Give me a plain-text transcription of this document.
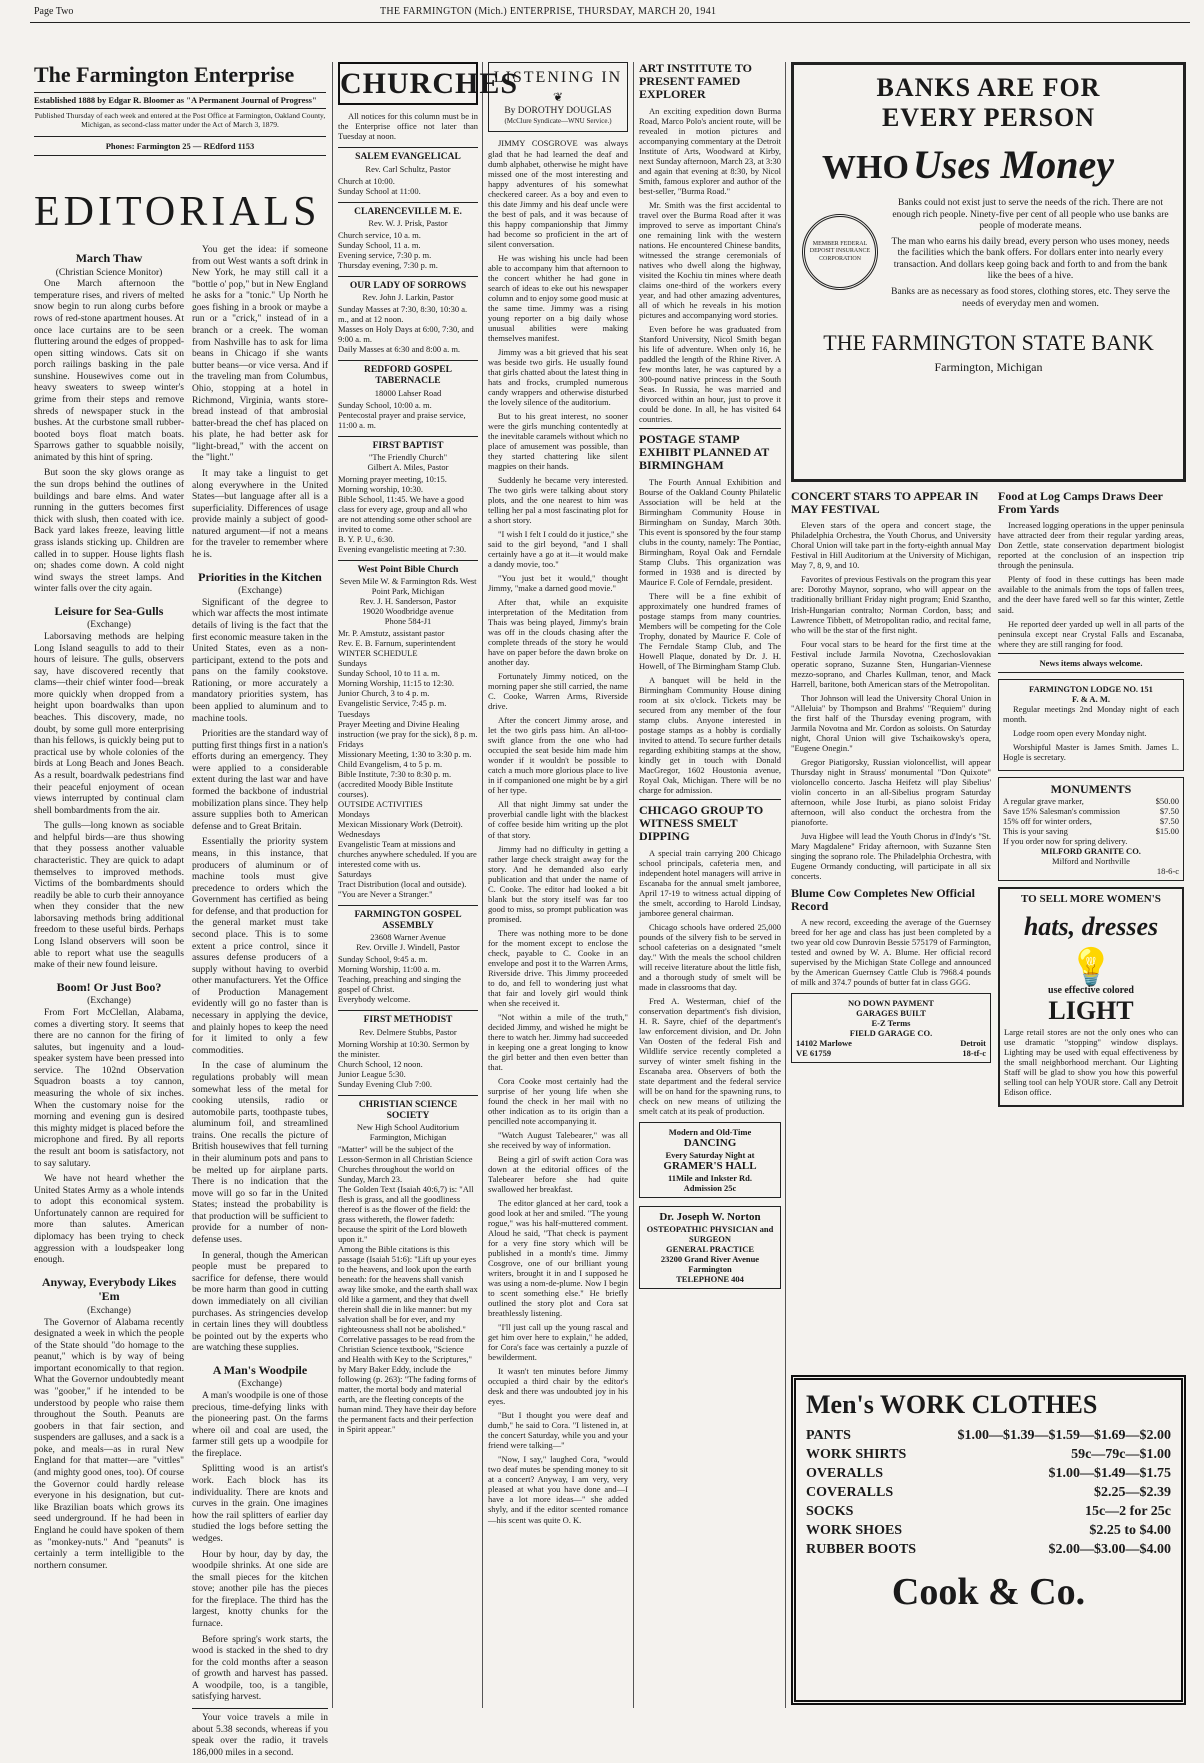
Page Two	THE FARMINGTON (Mich.) ENTERPRISE, THURSDAY, MARCH 20, 1941
The Farmington Enterprise
Established 1888 by Edgar R. Bloomer as "A Permanent Journal of Progress"
Published Thursday of each week and entered at the Post Office at Farmington, Oakland County, Michigan, as second-class matter under the Act of March 3, 1879.
Phones: Farmington 25 — REdford 1153
EDITORIALS
March Thaw
(Christian Science Monitor)

One March afternoon the temperature rises, and rivers of melted snow begin to run along curbs before rows of red-stone apartment houses. At once lace curtains are to be seen fluttering around the edges of propped-open sitting windows. Cats sit on porch railings basking in the pale sunshine. Housewives come out in heavy sweaters to sweep winter's grime from their steps and remove shreds of newspaper stuck in the bushes. At the curbstone small rubber-booted boys float match boats. Sparrows gather to squabble noisily, animated by this hint of spring.

But soon the sky glows orange as the sun drops behind the outlines of buildings and bare elms. And water running in the gutters becomes first thick with slush, then coated with ice. Back yard lakes freeze, leaving little grass islands sticking up. Children are called in to supper. House lights flash on; shades come down. A cold night wind sways the street lamps. And winter falls over the city again.

Leisure for Sea-Gulls
(Exchange)

Laborsaving methods are helping Long Island seagulls to add to their hours of leisure. The gulls, observers say, have discovered recently that clams—their chief winter food—break more quickly when dropped from a height upon boardwalks than upon beaches. This discovery, made, no doubt, by some gull more enterprising than his fellows, is quickly being put to practical use by whole colonies of the birds at Long Beach and Jones Beach. As a result, boardwalk pedestrians find their peaceful enjoyment of ocean views interrupted by continual clam shell bombardments from the air.

The gulls—long known as sociable and helpful birds—are thus showing that they possess another valuable characteristic. They are quick to adapt themselves to improved methods. Victims of the bombardments should readily be able to curb their annoyance when they consider that the new laborsaving methods bring additional freedom to these useful birds. Perhaps Long Island observers will soon be able to report what use the seagulls make of their new found leisure.

Boom! Or Just Boo?
(Exchange)

From Fort McClellan, Alabama, comes a diverting story. It seems that there are no cannon for the firing of salutes, but ingenuity and a loud-speaker system have been pressed into service. The 102nd Observation Squadron boasts a toy cannon, measuring the whole of six inches. When the customary noise for the morning and evening gun is desired this mighty midget is placed before the microphone and fired. By all reports the result ant boom is satisfactory, not to say salutary.

We have not heard whether the United States Army as a whole intends to adopt this economical system. Unfortunately cannon are required for more than salutes. American diplomacy has been trying to check aggression with a loudspeaker long enough.

Anyway, Everybody Likes 'Em
(Exchange)

The Governor of Alabama recently designated a week in which the people of the State should "do homage to the peanut," which is by way of being important economically to that region. What the Governor undoubtedly meant was "goober," if he intended to be understood by people who raise them throughout the South. Peanuts are goobers in that fair section, and suspenders are galluses, and a sack is a poke, and meals—as in rural New England for that matter—are "vittles" (and mighty good ones, too). Of course the Governor could hardly release everyone in his designation, but cut-like Brazilian boats which grows its seed underground. If he had been in England he could have spoken of them as "monkey-nuts." And "peanuts" is certainly a term intelligible to the northern consumer.

You get the idea: if someone from out West wants a soft drink in New York, he may still call it a "bottle o' pop," but in New England he asks for a "tonic." Up North he goes fishing in a brook or maybe a run or a "crick," instead of in a branch or a creek. The woman from Nashville has to ask for lima beans in Chicago if she wants butter beans—or vice versa. And if the traveling man from Columbus, Ohio, stopping at a hotel in Richmond, Virginia, wants store-bread instead of that ambrosial batter-bread the chef has placed on his plate, he had better ask for "light-bread," with the accent on the "light."

It may take a linguist to get along everywhere in the United States—but language after all is a superficiality. Differences of usage provide mainly a subject of good-natured argument—if not a means for the traveler to remember where he is.

Priorities in the Kitchen
(Exchange)

Significant of the degree to which war affects the most intimate details of living is the fact that the first economic measure taken in the United States, even as a non-participant, extend to the pots and pans on the family cookstove. Rationing, or more accurately a mandatory priorities system, has been applied to aluminum and to machine tools.

Priorities are the standard way of putting first things first in a nation's efforts during an emergency. They were applied to a considerable extent during the last war and have formed the backbone of industrial mobilization plans since. They help assure supplies both to American defense and to Great Britain.

Essentially the priority system means, in this instance, that producers of aluminum or of machine tools must give precedence to orders which the Government has certified as being for defense, and that production for the general market must take second place. This is to some extent a price control, since it assures defense producers of a supply without having to overbid other manufacturers. Yet the Office of Production Management evidently will go no faster than is necessary in applying the device, and plainly hopes to keep the need for it limited to only a few commodities.

In the case of aluminum the regulations probably will mean somewhat less of the metal for cooking utensils, radio or automobile parts, toothpaste tubes, aluminum foil, and streamlined trains. One recalls the picture of British housewives that fell turning in their aluminum pots and pans to be melted up for airplane parts. There is no indication that the move will go so far in the United States; instead the probability is that production will be sufficient to provide for a number of non-defense uses.

In general, though the American people must be prepared to sacrifice for defense, there would be more harm than good in cutting down immediately on all civilian purchases. As stringencies develop in certain lines they will doubtless be pointed out by the experts who are watching these supplies.

A Man's Woodpile
(Exchange)

A man's woodpile is one of those precious, time-defying links with the pioneering past. On the farms where oil and coal are used, the farmer still gets up a woodpile for the fireplace.

Splitting wood is an artist's work. Each block has its individuality. There are knots and curves in the grain. One imagines how the rail splitters of earlier day studied the logs before setting the wedges.

Hour by hour, day by day, the woodpile shrinks. At one side are the small pieces for the kitchen stove; another pile has the pieces for the fireplace. The third has the largest, knotty chunks for the furnace.

Before spring's work starts, the wood is stacked in the shed to dry for the cold months after a season of growth and harvest has passed. A woodpile, too, is a tangible, satisfying harvest.

Your voice travels a mile in about 5.38 seconds, whereas if you speak over the radio, it travels 186,000 miles in a second.

CHURCHES

All notices for this column must be in the Enterprise office not later than Tuesday at noon.

SALEM EVANGELICAL
Rev. Carl Schultz, Pastor
Church at 10:00.
Sunday School at 11:00.
CLARENCEVILLE M. E.
Rev. W. J. Prisk, Pastor
Church service, 10 a. m.
Sunday School, 11 a. m.
Evening service, 7:30 p. m.
Thursday evening, 7:30 p. m.
OUR LADY OF SORROWS
Rev. John J. Larkin, Pastor
Sunday Masses at 7:30, 8:30, 10:30 a. m., and at 12 noon.
Masses on Holy Days at 6:00, 7:30, and 9:00 a. m.
Daily Masses at 6:30 and 8:00 a. m.
REDFORD GOSPEL TABERNACLE
18000 Lahser Road
Sunday School, 10:00 a. m.
Pentecostal prayer and praise service, 11:00 a. m.
FIRST BAPTIST
"The Friendly Church"
Gilbert A. Miles, Pastor
Morning prayer meeting, 10:15.
Morning worship, 10:30.
Bible School, 11:45. We have a good class for every age, group and all who are not attending some other school are invited to come.
B. Y. P. U., 6:30.
Evening evangelistic meeting at 7:30.
West Point Bible Church
Seven Mile W. & Farmington Rds. West Point Park, Michigan
Rev. J. H. Sanderson, Pastor
19020 Woodbridge avenue
Phone 584-J1
Mr. P. Amstutz, assistant pastor
Rev. E. B. Farnum, superintendent
WINTER SCHEDULE
Sundays
Sunday School, 10 to 11 a. m.
Morning Worship, 11:15 to 12:30.
Junior Church, 3 to 4 p. m.
Evangelistic Service, 7:45 p. m.
Tuesdays
Prayer Meeting and Divine Healing instruction (we pray for the sick), 8 p. m.
Fridays
Missionary Meeting, 1:30 to 3:30 p. m.
Child Evangelism, 4 to 5 p. m.
Bible Institute, 7:30 to 8:30 p. m. (accredited Moody Bible Institute courses).
OUTSIDE ACTIVITIES
Mondays
Mexican Missionary Work (Detroit).
Wednesdays
Evangelistic Team at missions and churches anywhere scheduled. If you are interested come with us.
Saturdays
Tract Distribution (local and outside).
"You are Never a Stranger."
FARMINGTON GOSPEL ASSEMBLY
23608 Warner Avenue
Rev. Orville J. Windell, Pastor
Sunday School, 9:45 a. m.
Morning Worship, 11:00 a. m.
Teaching, preaching and singing the gospel of Christ.
Everybody welcome.
FIRST METHODIST
Rev. Delmere Stubbs, Pastor
Morning Worship at 10:30. Sermon by the minister.
Church School, 12 noon.
Junior League 5:30.
Sunday Evening Club 7:00.
CHRISTIAN SCIENCE SOCIETY
New High School Auditorium
Farmington, Michigan
"Matter" will be the subject of the Lesson-Sermon in all Christian Science Churches throughout the world on Sunday, March 23.
The Golden Text (Isaiah 40:6,7) is: "All flesh is grass, and all the goodliness thereof is as the flower of the field: the grass withereth, the flower fadeth: because the spirit of the Lord bloweth upon it."
Among the Bible citations is this passage (Isaiah 51:6): "Lift up your eyes to the heavens, and look upon the earth beneath: for the heavens shall vanish away like smoke, and the earth shall wax old like a garment, and they that dwell therein shall die in like manner: but my salvation shall be for ever, and my righteousness shall not be abolished."
Correlative passages to be read from the Christian Science textbook, "Science and Health with Key to the Scriptures," by Mary Baker Eddy, include the following (p. 263): "The fading forms of matter, the mortal body and material earth, are the fleeting concepts of the human mind. They have their day before the permanent facts and their perfection in Spirit appear."
LISTENING IN
❦
By DOROTHY DOUGLAS
(McClure Syndicate—WNU Service.)

JIMMY COSGROVE was always glad that he had learned the deaf and dumb alphabet, otherwise he might have missed one of the most interesting and happy adventures of his somewhat checkered career. As a boy and even to this date Jimmy and his deaf uncle were the best of pals, and it was because of this happy companionship that Jimmy had become so proficient in the art of silent conversation.

He was wishing his uncle had been able to accompany him that afternoon to the concert whither he had gone in search of ideas to eke out his newspaper column and to enjoy some good music at the same time. Jimmy was a rising young reporter on a big daily whose unusual abilities were making themselves manifest.

Jimmy was a bit grieved that his seat was beside two girls. He usually found that girls chatted about the latest thing in hats and frocks, crumpled numerous candy wrappers and otherwise disturbed the lovely silence of the auditorium.

But to his great interest, no sooner were the girls munching contentedly at the inevitable caramels without which no place of amusement was possible, than they started chattering like silent magpies on their hands.

Suddenly he became very interested. The two girls were talking about story plots, and the one nearest to him was telling her pal a most fascinating plot for a short story.

"I wish I felt I could do it justice," she said to the girl beyond, "and I shall certainly have a go at it—it would make a dandy movie, too."

"You just bet it would," thought Jimmy, "make a darned good movie."

After that, while an exquisite interpretation of the Meditation from Thais was being played, Jimmy's brain was off in the clouds chasing after the complete threads of the story he would have on paper before the dawn broke on another day.

Fortunately Jimmy noticed, on the morning paper she still carried, the name C. Cooke, Warren Arms, Riverside drive.

After the concert Jimmy arose, and let the two girls pass him. An all-too-swift glance from the one who had occupied the seat beside him made him wonder if it wouldn't be possible to catch a much more glorious place to live in if companioned one might be by a girl of her type.

All that night Jimmy sat under the proverbial candle light with the blackest of coffee beside him writing up the plot of that story.

Jimmy had no difficulty in getting a rather large check straight away for the story. And he demanded also early publication and that under the name of C. Cooke. The editor had looked a bit blank but the story itself was far too good to miss, so prompt publication was promised.

There was nothing more to be done for the moment except to enclose the check, payable to C. Cooke in an envelope and post it to the Warren Arms, Riverside drive. This Jimmy proceeded to do, and fell to wondering just what that fair and lovely girl would think when she received it.

"Not within a mile of the truth," decided Jimmy, and wished he might be there to watch her. Jimmy had succeeded in keeping one a great longing to know the girl better and then even better than that.

Cora Cooke most certainly had the surprise of her young life when she found the check in her mail with no other indication as to its origin than a pencilled note accompanying it.

"Watch August Talebearer," was all she received by way of information.

Being a girl of swift action Cora was down at the editorial offices of the Talebearer before she had quite swallowed her breakfast.

The editor glanced at her card, took a good look at her and smiled. "The young rogue," was his half-muttered comment. Aloud he said, "That check is payment for a very fine story which will be published in a month's time. Jimmy Cosgrove, one of our brilliant young writers, brought it in and I supposed he was using a nom-de-plume. Now I begin to scent something else." He briefly outlined the story plot and Cora sat breathlessly listening.

"I'll just call up the young rascal and get him over here to explain," he added, for Cora's face was certainly a puzzle of bewilderment.

It wasn't ten minutes before Jimmy occupied a third chair by the editor's desk and there was undoubted joy in his eyes.

"But I thought you were deaf and dumb," he said to Cora. "I listened in, at the concert Saturday, while you and your friend were talking—"

"Now, I say," laughed Cora, "would two deaf mutes be spending money to sit at a concert? Anyway, I am very, very pleased at what you have done and—I have a lot more ideas—" she added shyly, and if the editor scented romance—his scent was quite O. K.

ART INSTITUTE TO PRESENT FAMED EXPLORER

An exciting expedition down Burma Road, Marco Polo's ancient route, will be revealed in motion pictures and accompanying commentary at the Detroit Institute of Arts, Woodward at Kirby, next Sunday afternoon, March 23, at 3:30 and again that evening at 8:30, by Nicol Smith, famous explorer and author of the best-seller, "Burma Road."

Mr. Smith was the first accidental to travel over the Burma Road after it was improved to serve as important China's one remaining link with the western nations. He encountered Chinese bandits, witnessed the strange ceremonials of natives who dwell along the highway, visited the Kochiu tin mines where death claims one-third of the workers every year, and had other amazing adventures, all of which he reveals in his motion pictures and accompanying word stories.

Even before he was graduated from Stanford University, Nicol Smith began his life of adventure. When only 16, he paddled the length of the Rhine River. A few months later, he was captured by a 300-pound native princess in the South Seas. In Russia, he was married and divorced within an hour, just to prove it could be done. In all, he has visited 64 countries.

POSTAGE STAMP EXHIBIT PLANNED AT BIRMINGHAM

The Fourth Annual Exhibition and Bourse of the Oakland County Philatelic Association will be held at the Birmingham Community House in Birmingham on Sunday, March 30th. This event is sponsored by the four stamp clubs in the county, namely: The Pontiac, Birmingham, Royal Oak and Ferndale Stamp Clubs. This organization was formed in 1938 and is directed by Maurice F. Cole of Ferndale, president.

There will be a fine exhibit of approximately one hundred frames of postage stamps from many countries. Members will be competing for the Cole Trophy, donated by Maurice F. Cole of The Ferndale Stamp Club, and The Howell Plaque, donated by Dr. J. H. Howell, of The Birmingham Stamp Club.

A banquet will be held in the Birmingham Community House dining room at six o'clock. Tickets may be secured from any member of the four stamp clubs. Anyone interested in postage stamps as a hobby is cordially invited to attend. To secure further details regarding exhibiting stamps at the show, kindly get in touch with Donald MacGregor, 1602 Houstonia avenue, Royal Oak, Michigan. There will be no charge for admission.

CHICAGO GROUP TO WITNESS SMELT DIPPING

A special train carrying 200 Chicago school principals, cafeteria men, and independent hotel managers will arrive in Escanaba for the annual smelt jamboree, April 17-19 to witness actual dipping of the smelt, according to Harold Lindsay, jamboree general chairman.

Chicago schools have ordered 25,000 pounds of the silvery fish to be served in school cafeterias on a designated "smelt day." With the meals the school children will receive literature about the little fish, and a thorough study of smelt will be made in classrooms that day.

Fred A. Westerman, chief of the conservation department's fish division, H. R. Sayre, chief of the department's law enforcement division, and Dr. John Van Oosten of the federal Fish and Wildlife service recently completed a survey of winter smelt fishing in the Escanaba area. Observers of both the state department and the federal service will be on hand for the spawning runs, to check on new means of utilizing the smelt catch at its peak of production.

Modern and Old-Time
DANCING
Every Saturday Night at
GRAMER'S HALL
11Mile and Inkster Rd.
Admission 25c
Dr. Joseph W. Norton
OSTEOPATHIC PHYSICIAN and SURGEON
GENERAL PRACTICE
23200 Grand River Avenue
Farmington
TELEPHONE 404
BANKS ARE FOR
EVERY PERSON
WHO Uses Money
MEMBER FEDERAL DEPOSIT INSURANCE CORPORATION

Banks could not exist just to serve the needs of the rich. There are not enough rich people. Ninety-five per cent of all people who use banks are people of moderate means.

The man who earns his daily bread, every person who uses money, needs the facilities which the bank offers. For dollars enter into nearly every transaction. And dollars keep going back and forth to and from the bank like the bees of a hive.

Banks are as necessary as food stores, clothing stores, etc. They serve the needs of everyday men and women.

THE FARMINGTON STATE BANK
Farmington, Michigan
CONCERT STARS TO APPEAR IN MAY FESTIVAL

Eleven stars of the opera and concert stage, the Philadelphia Orchestra, the Youth Chorus, and University Choral Union will take part in the forty-eighth annual May Festival in Hill Auditorium at the University of Michigan, May 7, 8, 9, and 10.

Favorites of previous Festivals on the program this year are: Dorothy Maynor, soprano, who will appear on the traditionally brilliant Friday night program; Enid Szantho, Irish-Hungarian contralto; Norman Cordon, bass; and Lawrence Tibbett, of Metropolitan radio, and recital fame, who will be the star of the first night.

Four vocal stars to be heard for the first time at the Festival include Jarmila Novotna, Czechoslovakian operatic soprano, Suzanne Sten, Hungarian-Viennese mezzo-soprano, and Charles Kullman, tenor, and Mack Harrell, baritone, both American stars of the Metropolitan.

Thor Johnson will lead the University Choral Union in "Alleluia" by Thompson and Brahms' "Requiem" during the first half of the Thursday evening program, with Jarmila Novotna and Mr. Cordon as soloists. On Saturday night, Choral Union will give Tschaikowsky's opera, "Eugene Onegin."

Gregor Piatigorsky, Russian violoncellist, will appear Thursday night in Strauss' monumental "Don Quixote" violoncello concerto. Jascha Heifetz will play Sibelius' violin concerto in an all-Sibelius program Saturday afternoon, while Jose Iturbi, as piano soloist Friday afternoon, will also conduct the orchestra from the pianoforte.

Juva Higbee will lead the Youth Chorus in d'Indy's "St. Mary Magdalene" Friday afternoon, with Suzanne Sten singing the soprano role. The Philadelphia Orchestra, with Eugene Ormandy conducting, will participate in all six concerts.

Blume Cow Completes New Official Record

A new record, exceeding the average of the Guernsey breed for her age and class has just been completed by a two year old cow Dunrovin Bessie 575179 of Farmington, tested and owned by W. A. Blume. Her official record supervised by the Michigan State College and announced by the American Guernsey Cattle Club is 7968.4 pounds of milk and 374.7 pounds of butter fat in class GGG.

NO DOWN PAYMENT
GARAGES BUILT
E-Z Terms
FIELD GARAGE CO.
14102 Marlowe	Detroit
VE 61759	18-tf-c
Food at Log Camps Draws Deer From Yards

Increased logging operations in the upper peninsula have attracted deer from their regular yarding areas, Don Zettle, state conservation department biologist reported at the conclusion of an inspection trip through the peninsula.

Plenty of food in these cuttings has been made available to the animals from the tops of fallen trees, and the deer have fared well so far this winter, Zettle said.

He reported deer yarded up well in all parts of the peninsula except near Crystal Falls and Escanaba, where they are still ranging for food.

News items always welcome.
FARMINGTON LODGE NO. 151
F. & A. M.

Regular meetings 2nd Monday night of each month.

Lodge room open every Monday night.

Worshipful Master is James Smith. James L. Hogle is secretary.

MONUMENTS
A regular grave marker,	$50.00
Save 15% Salesman's commission	$7.50
15% off for winter orders,	$7.50
This is your saving	$15.00
If you order now for spring delivery.
MILFORD GRANITE CO.
Milford and Northville
18-6-c
TO SELL MORE WOMEN'S
hats, dresses
💡
use effective colored
LIGHT

Large retail stores are not the only ones who can use dramatic "stopping" window displays. Lighting may be used with equal effectiveness by the small neighborhood merchant. Our Lighting Staff will be glad to show you how this powerful selling tool can help YOUR store. Call any Detroit Edison office.

Men's WORK CLOTHES
PANTS	$1.00—$1.39—$1.59—$1.69—$2.00
WORK SHIRTS	59c—79c—$1.00
OVERALLS	$1.00—$1.49—$1.75
COVERALLS	$2.25—$2.39
SOCKS	15c—2 for 25c
WORK SHOES	$2.25 to $4.00
RUBBER BOOTS	$2.00—$3.00—$4.00
Cook & Co.
